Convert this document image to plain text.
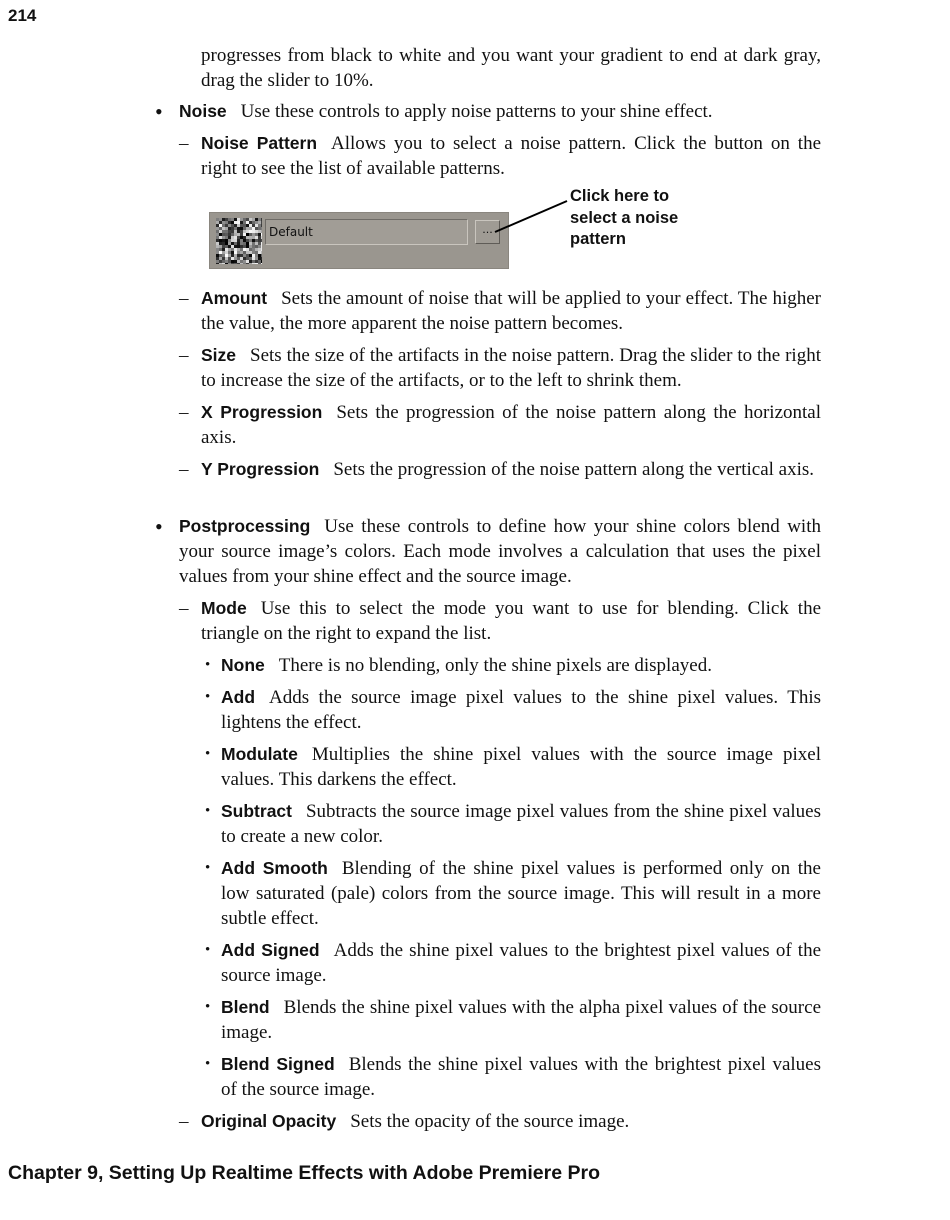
214
progresses from black to white and you want your gradient to end at dark gray, drag the slider to 10%.
• Noise Use these controls to apply noise patterns to your shine effect.
– Noise Pattern Allows you to select a noise pattern. Click the button on the right to see the list of available patterns.
Default	...
Click here to select a noise pattern
– Amount Sets the amount of noise that will be applied to your effect. The higher the value, the more apparent the noise pattern becomes.
– Size Sets the size of the artifacts in the noise pattern. Drag the slider to the right to increase the size of the artifacts, or to the left to shrink them.
– X Progression Sets the progression of the noise pattern along the horizontal axis.
– Y Progression Sets the progression of the noise pattern along the vertical axis.
• Postprocessing Use these controls to define how your shine colors blend with your source image’s colors. Each mode involves a calculation that uses the pixel values from your shine effect and the source image.
– Mode Use this to select the mode you want to use for blending. Click the triangle on the right to expand the list.
• None There is no blending, only the shine pixels are displayed.
• Add Adds the source image pixel values to the shine pixel values. This lightens the effect.
• Modulate Multiplies the shine pixel values with the source image pixel values. This darkens the effect.
• Subtract Subtracts the source image pixel values from the shine pixel values to create a new color.
• Add Smooth Blending of the shine pixel values is performed only on the low saturated (pale) colors from the source image. This will result in a more subtle effect.
• Add Signed Adds the shine pixel values to the brightest pixel values of the source image.
• Blend Blends the shine pixel values with the alpha pixel values of the source image.
• Blend Signed Blends the shine pixel values with the brightest pixel values of the source image.
– Original Opacity Sets the opacity of the source image.
Chapter 9, Setting Up Realtime Effects with Adobe Premiere Pro
